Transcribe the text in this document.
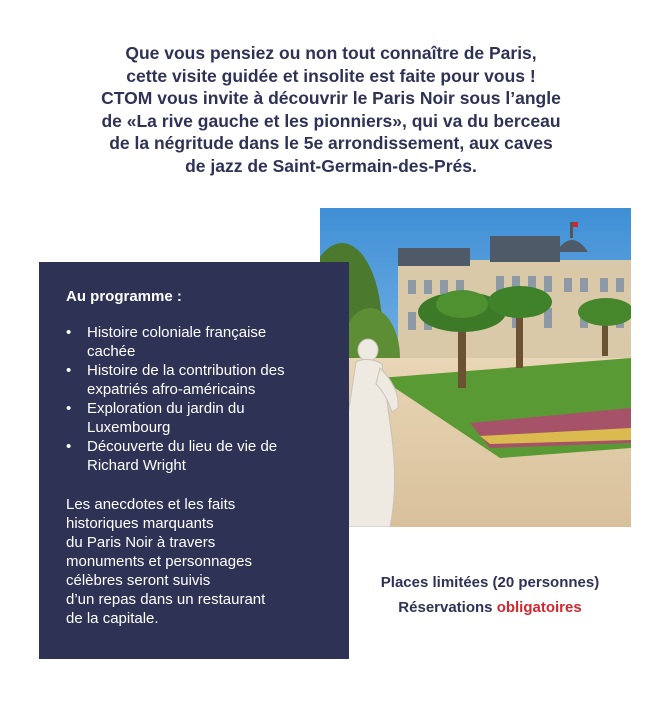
Que vous pensiez ou non tout connaître de Paris,
cette visite guidée et insolite est faite pour vous !
CTOM vous invite à découvrir le Paris Noir sous l’angle
de «La rive gauche et les pionniers», qui va du berceau
de la négritude dans le 5e arrondissement, aux caves
de jazz de Saint-Germain-des-Prés.
Au programme :
• Histoire coloniale française
cachée
• Histoire de la contribution des
expatriés afro-américains
• Exploration du jardin du
Luxembourg
• Découverte du lieu de vie de
Richard Wright
Les anecdotes et les faits
historiques marquants
du Paris Noir à travers
monuments et personnages
célèbres seront suivis
d’un repas dans un restaurant
de la capitale.
Places limitées (20 personnes)
Réservations obligatoires
